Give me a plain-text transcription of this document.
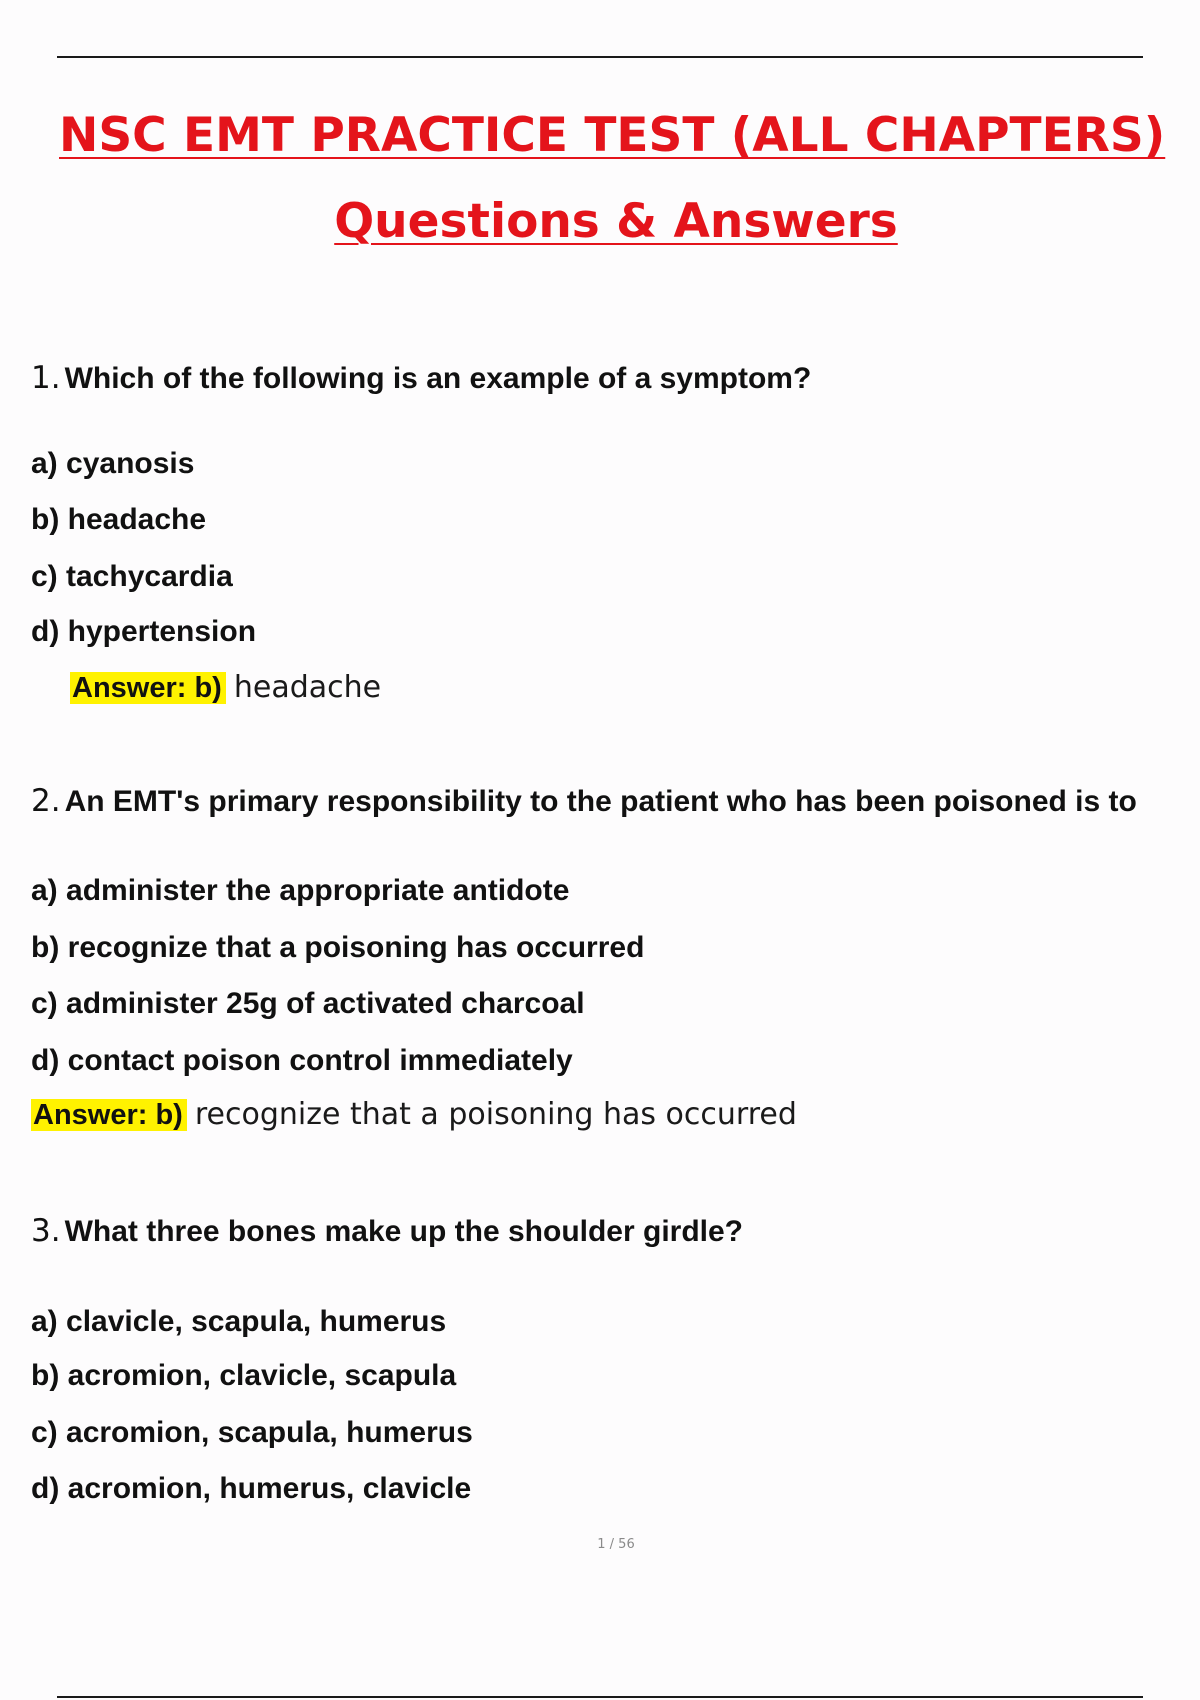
NSC EMT PRACTICE TEST (ALL CHAPTERS)
Questions & Answers
1. Which of the following is an example of a symptom?
a) cyanosis
b) headache
c) tachycardia
d) hypertension
Answer: b) headache
2. An EMT's primary responsibility to the patient who has been poisoned is to
a) administer the appropriate antidote
b) recognize that a poisoning has occurred
c) administer 25g of activated charcoal
d) contact poison control immediately
Answer: b) recognize that a poisoning has occurred
3. What three bones make up the shoulder girdle?
a) clavicle, scapula, humerus
b) acromion, clavicle, scapula
c) acromion, scapula, humerus
d) acromion, humerus, clavicle
1 / 56
